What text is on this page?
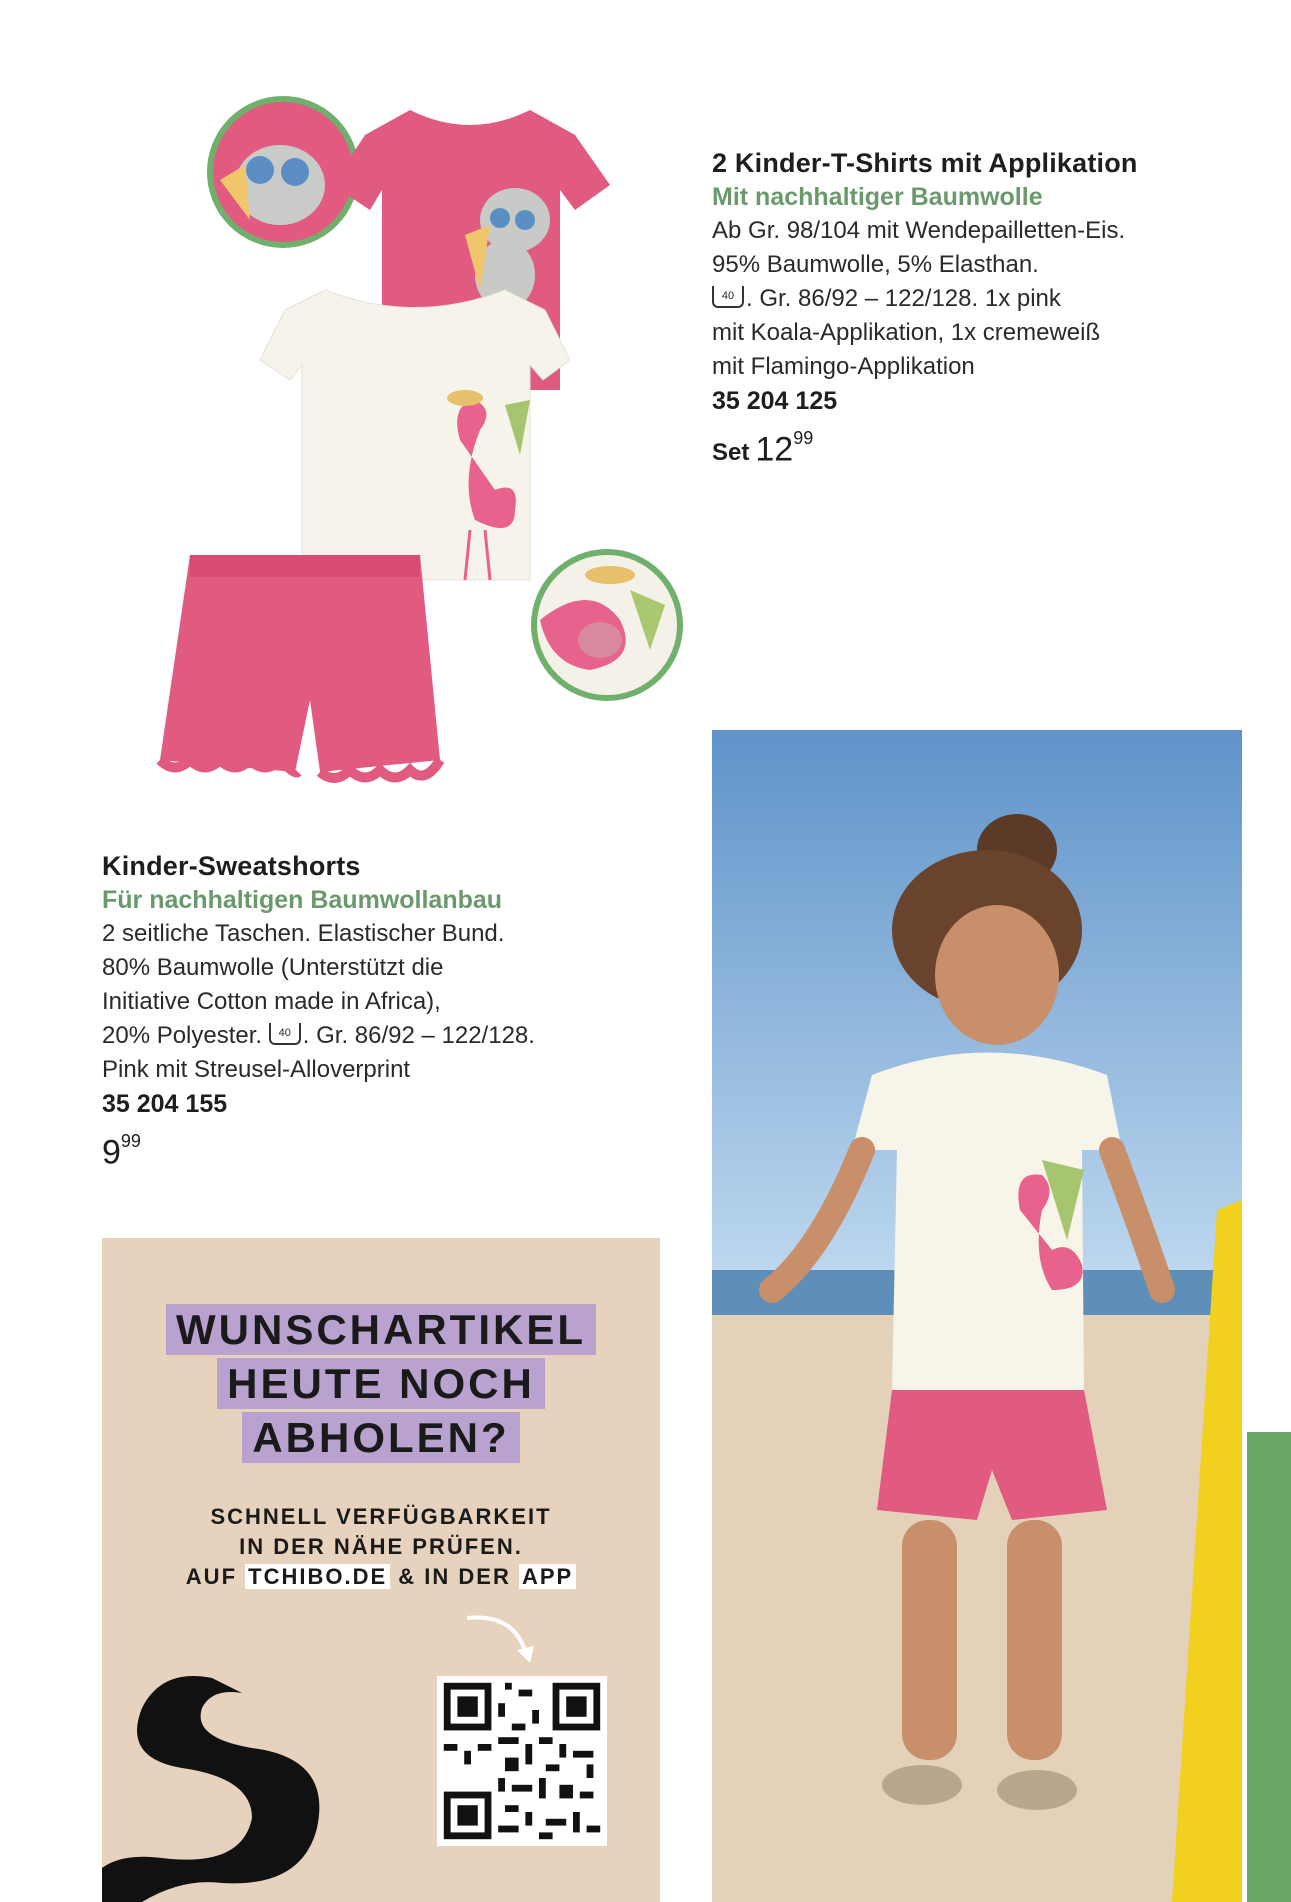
2 Kinder-T-Shirts mit Applikation
Mit nachhaltiger Baumwolle
Ab Gr. 98/104 mit Wendepailletten-Eis.
95% Baumwolle, 5% Elasthan.
40 . Gr. 86/92 – 122/128. 1x pink
mit Koala-Applikation, 1x cremeweiß
mit Flamingo-Applikation
35 204 125
Set $12^{99}$
Kinder-Sweatshorts
Für nachhaltigen Baumwollanbau
2 seitliche Taschen. Elastischer Bund.
80% Baumwolle (Unterstützt die
Initiative Cotton made in Africa),
20% Polyester. 40 . Gr. 86/92 – 122/128.
Pink mit Streusel-Alloverprint
35 204 155
$9^{99}$
WUNSCHARTIKEL
HEUTE NOCH
ABHOLEN?
SCHNELL VERFÜGBARKEIT
IN DER NÄHE PRÜFEN.
AUF TCHIBO.DE & IN DER APP
